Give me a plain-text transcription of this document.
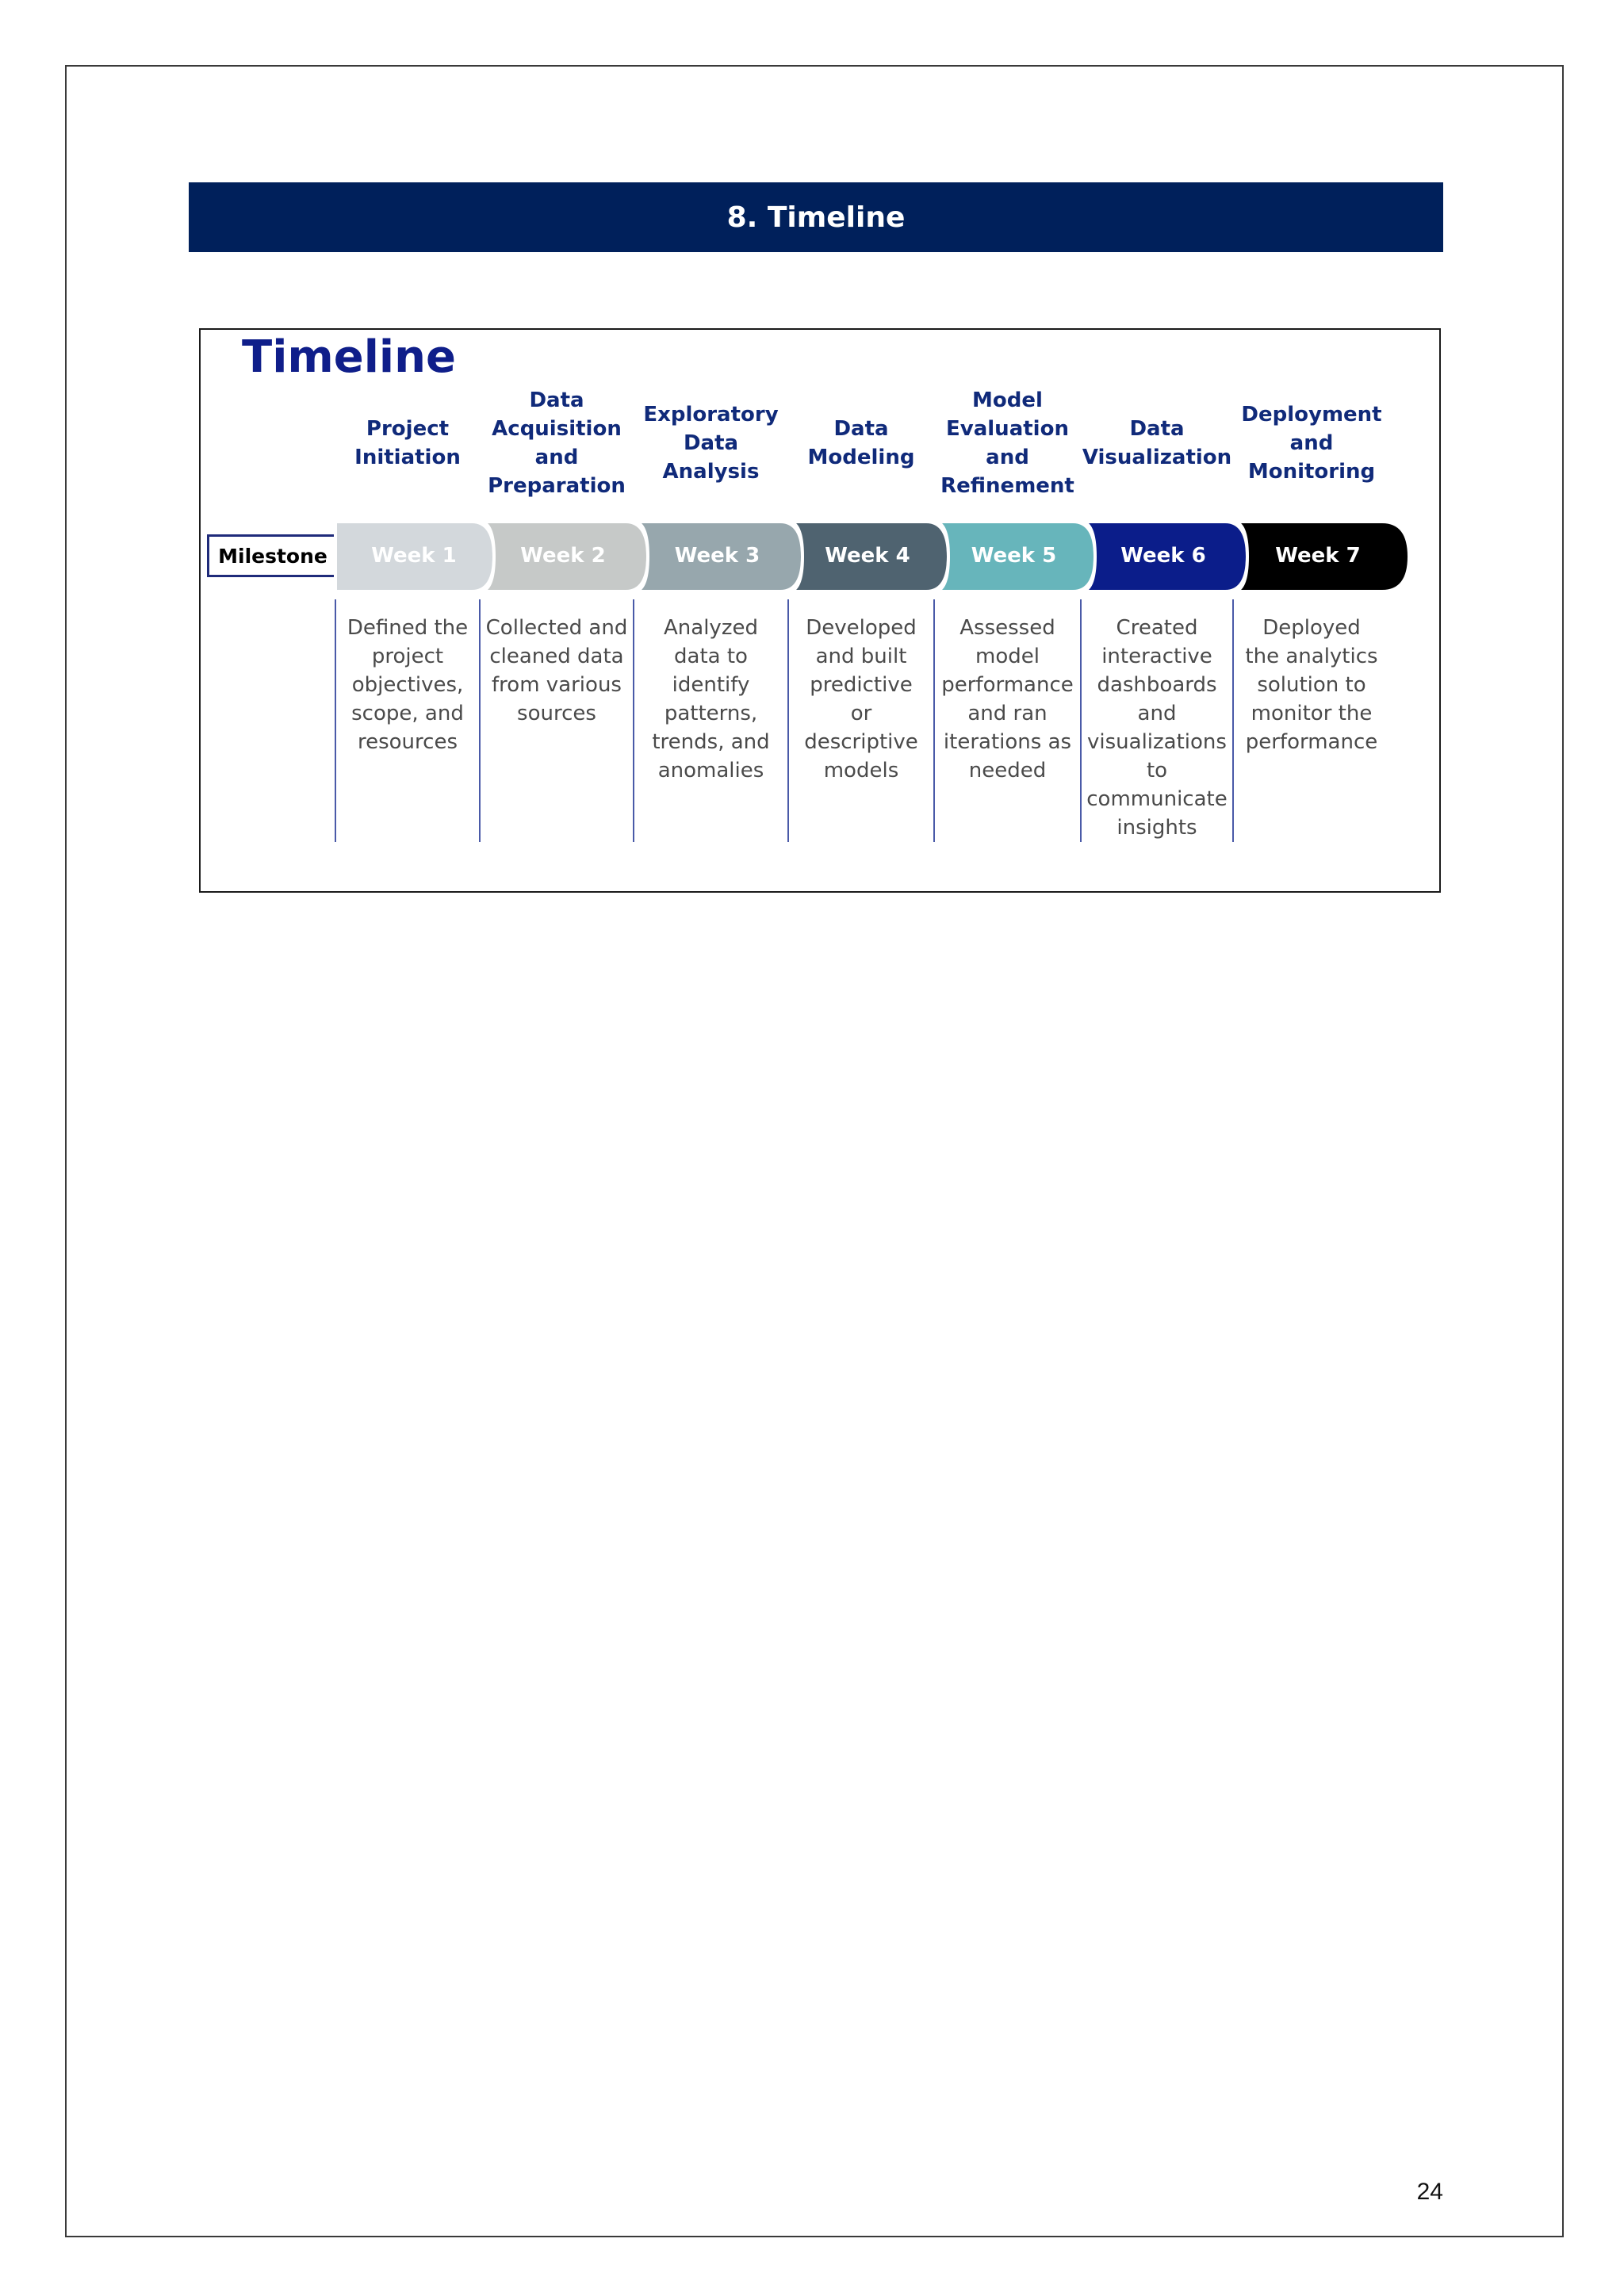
8. Timeline
Timeline
Milestone
Project
Initiation
Week 1
Defined the
project
objectives,
scope, and
resources
Data
Acquisition
and
Preparation
Week 2
Collected and
cleaned data
from various
sources
Exploratory
Data
Analysis
Week 3
Analyzed
data to
identify
patterns,
trends, and
anomalies
Data
Modeling
Week 4
Developed
and built
predictive
or
descriptive
models
Model
Evaluation
and
Refinement
Week 5
Assessed
model
performance
and ran
iterations as
needed
Data
Visualization
Week 6
Created
interactive
dashboards
and
visualizations
to
communicate
insights
Deployment
and
Monitoring
Week 7
Deployed
the analytics
solution to
monitor the
performance
24
